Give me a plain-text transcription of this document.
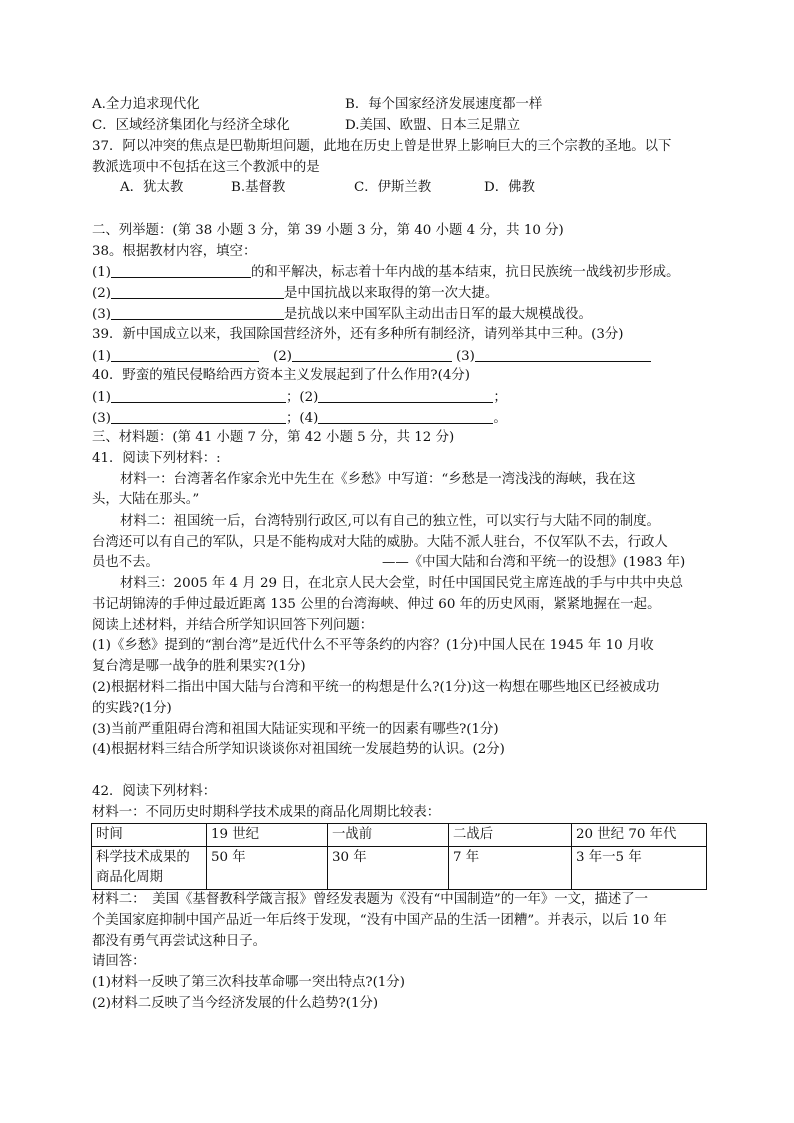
A.全力追求现代化	B．每个国家经济发展速度都一样
C．区域经济集团化与经济全球化	D.美国、欧盟、日本三足鼎立
37．阿以冲突的焦点是巴勒斯坦问题，此地在历史上曾是世界上影响巨大的三个宗教的圣地。以下
教派选项中不包括在这三个教派中的是
A．犹太教	B.基督教	C．伊斯兰教	D．佛教
二、列举题：(第 38 小题 3 分，第 39 小题 3 分，第 40 小题 4 分，共 10 分)
38。根据教材内容，填空：
(1)	的和平解决，标志着十年内战的基本结束，抗日民族统一战线初步形成。
(2)	是中国抗战以来取得的第一次大捷。
(3)	是抗战以来中国军队主动出击日军的最大规模战役。
39．新中国成立以来，我国除国营经济外，还有多种所有制经济，请列举其中三种。(3分)
(1)	(2)	(3)
40．野蛮的殖民侵略给西方资本主义发展起到了什么作用?(4分)
(1)	；(2)	；
(3)	；(4)	。
三、材料题：(第 41 小题 7 分，第 42 小题 5 分，共 12 分)
41．阅读下列材料：:
材料一：台湾著名作家余光中先生在《乡愁》中写道：“乡愁是一湾浅浅的海峡，我在这
头，大陆在那头。”
材料二：祖国统一后，台湾特别行政区,可以有自己的独立性，可以实行与大陆不同的制度。
台湾还可以有自己的军队，只是不能构成对大陆的威胁。大陆不派人驻台，不仅军队不去，行政人
员也不去。	——《中国大陆和台湾和平统一的设想》(1983 年)
材料三：2005 年 4 月 29 日，在北京人民大会堂，时任中国国民党主席连战的手与中共中央总
书记胡锦涛的手伸过最近距离 135 公里的台湾海峡、伸过 60 年的历史风雨，紧紧地握在一起。
阅读上述材料，并结合所学知识回答下列问题：
(1)《乡愁》提到的“割台湾”是近代什么不平等条约的内容？(1分)中国人民在 1945 年 10 月收
复台湾是哪一战争的胜利果实?(1分)
(2)根据材料二指出中国大陆与台湾和平统一的构想是什么?(1分)这一构想在哪些地区已经被成功
的实践?(1分)
(3)当前严重阻碍台湾和祖国大陆证实现和平统一的因素有哪些?(1分)
(4)根据材料三结合所学知识谈谈你对祖国统一发展趋势的认识。(2分)
42．阅读下列材料：
材料一：不同历史时期科学技术成果的商品化周期比较表：
时间	19 世纪	一战前	二战后	20 世纪 70 年代

科学技术成果的
商品化周期	50 年	30 年	7 年	3 年一5 年
材料二：　美国《基督教科学箴言报》曾经发表题为《没有“中国制造”的一年》一文，描述了一
个美国家庭抑制中国产品近一年后终于发现，“没有中国产品的生活一团糟”。并表示，以后 10 年
都没有勇气再尝试这种日子。
请回答：
(1)材料一反映了第三次科技革命哪一突出特点?(1分)
(2)材料二反映了当今经济发展的什么趋势?(1分)
